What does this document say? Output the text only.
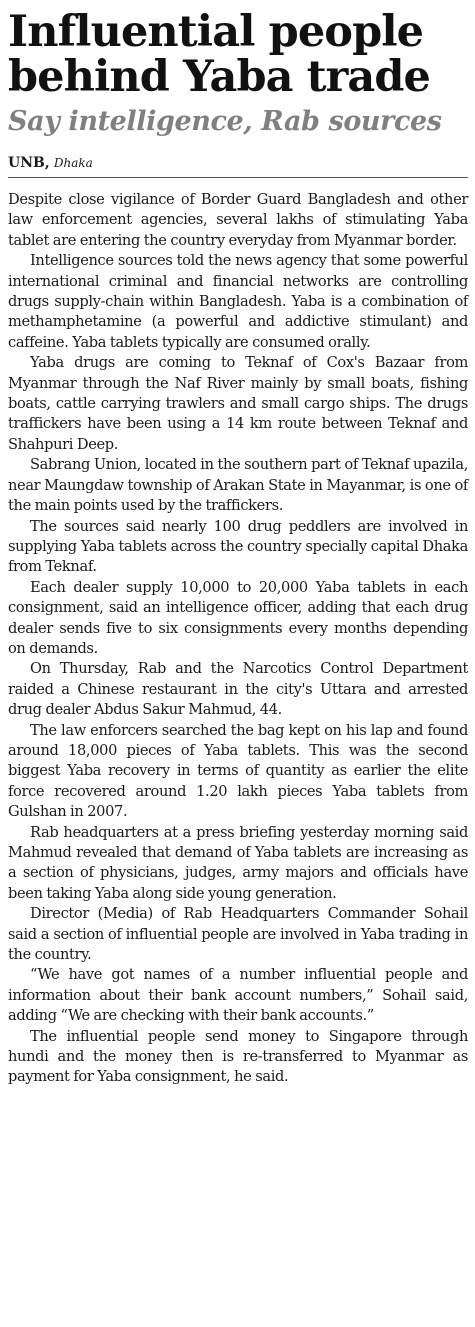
Influential people
behind Yaba trade
Say intelligence, Rab sources
UNB, Dhaka

Despite close vigilance of Border Guard Bangladesh and other law enforcement agencies, several lakhs of stimulating Yaba tablet are entering the country everyday from Myanmar border.

Intelligence sources told the news agency that some powerful international criminal and financial networks are controlling drugs supply-chain within Bangladesh. Yaba is a combination of methamphetamine (a powerful and addictive stimulant) and caffeine. Yaba tablets typically are consumed orally.

Yaba drugs are coming to Teknaf of Cox's Bazaar from Myanmar through the Naf River mainly by small boats, fishing boats, cattle carrying trawlers and small cargo ships. The drugs traffickers have been using a 14 km route between Teknaf and Shahpuri Deep.

Sabrang Union, located in the southern part of Teknaf upazila, near Maungdaw township of Arakan State in Mayanmar, is one of the main points used by the traffickers.

The sources said nearly 100 drug peddlers are involved in supplying Yaba tablets across the country specially capital Dhaka from Teknaf.

Each dealer supply 10,000 to 20,000 Yaba tablets in each consignment, said an intelligence officer, adding that each drug dealer sends five to six consignments every months depending on demands.

On Thursday, Rab and the Narcotics Control Department raided a Chinese restaurant in the city's Uttara and arrested drug dealer Abdus Sakur Mahmud, 44.

The law enforcers searched the bag kept on his lap and found around 18,000 pieces of Yaba tablets. This was the second biggest Yaba recovery in terms of quantity as earlier the elite force recovered around 1.20 lakh pieces Yaba tablets from Gulshan in 2007.

Rab headquarters at a press briefing yesterday morning said Mahmud revealed that demand of Yaba tablets are increasing as a section of physicians, judges, army majors and officials have been taking Yaba along side young generation.

Director (Media) of Rab Headquarters Commander Sohail said a section of influential people are involved in Yaba trading in the country.

“We have got names of a number influential people and information about their bank account numbers,” Sohail said, adding “We are checking with their bank accounts.”

The influential people send money to Singapore through hundi and the money then is re-transferred to Myanmar as payment for Yaba consignment, he said.
